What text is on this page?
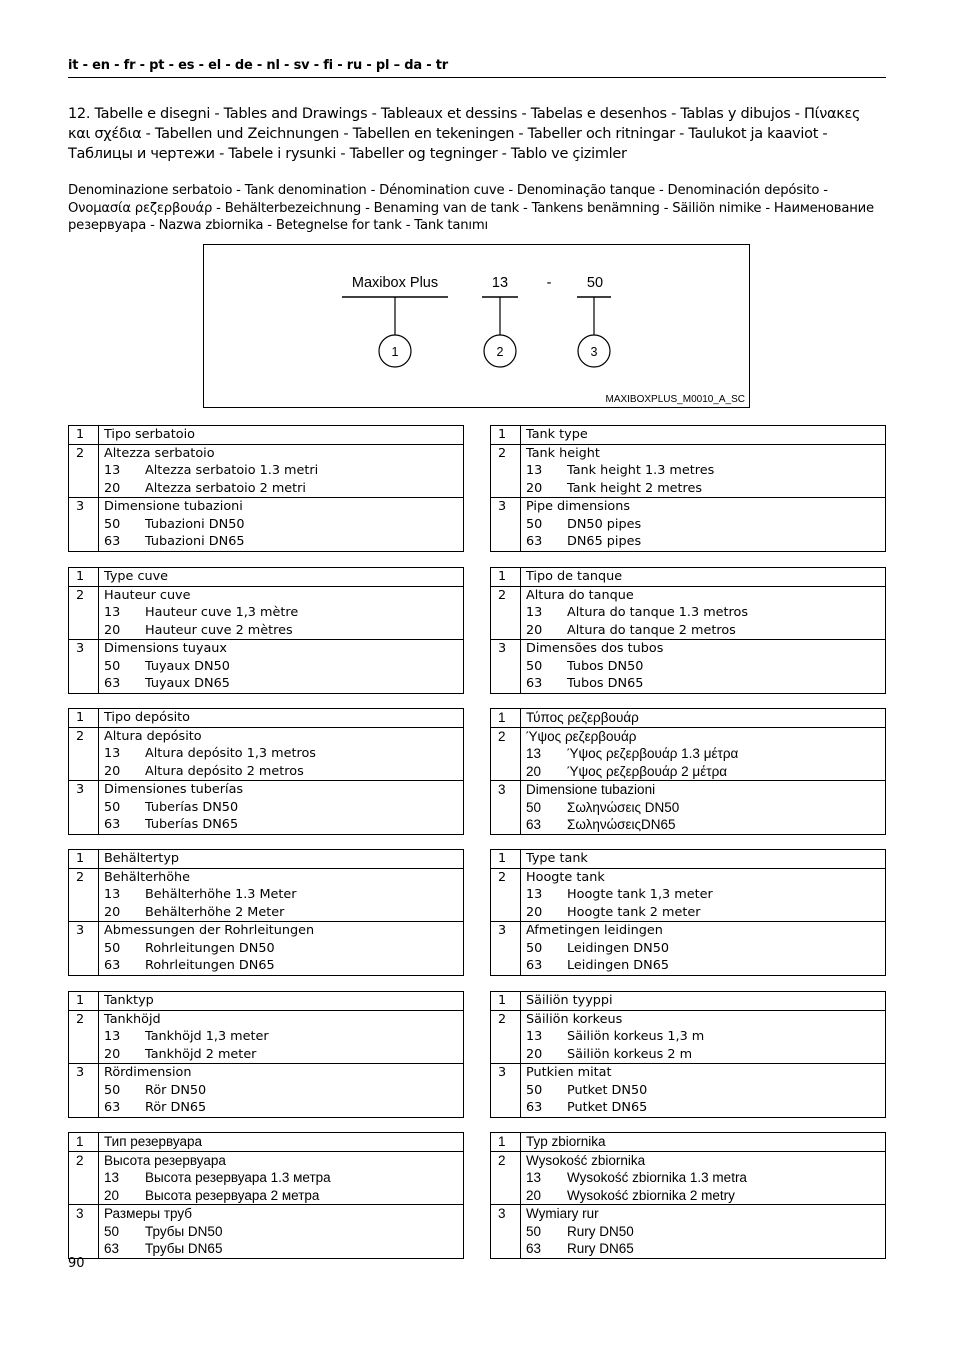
it - en - fr - pt - es - el - de - nl - sv - fi - ru - pl – da - tr
12. Tabelle e disegni - Tables and Drawings - Tableaux et dessins - Tabelas e desenhos - Tablas y dibujos - Πίνακες και σχέδια - Tabellen und Zeichnungen - Tabellen en tekeningen - Tabeller och ritningar - Taulukot ja kaaviot - Таблицы и чертежи - Tabele i rysunki - Tabeller og tegninger - Tablo ve çizimler
Denominazione serbatoio - Tank denomination - Dénomination cuve - Denominação tanque - Denominación depósito - Ονομασία ρεζερβουάρ - Behälterbezeichnung - Benaming van de tank - Tankens benämning - Säiliön nimike - Наименование резервуара - Nazwa zbiornika - Betegnelse for tank - Tank tanımı
Maxibox Plus	13	- 50
1	2	3
MAXIBOXPLUS_M0010_A_SC
1	Tipo serbatoio

2	Altezza serbatoio
13 Altezza serbatoio 1.3 metri
20 Altezza serbatoio 2 metri

3	Dimensione tubazioni
50 Tubazioni DN50
63 Tubazioni DN65
1	Tank type

2	Tank height
13 Tank height 1.3 metres
20 Tank height 2 metres

3	Pipe dimensions
50 DN50 pipes
63 DN65 pipes
1	Type cuve

2	Hauteur cuve
13 Hauteur cuve 1,3 mètre
20 Hauteur cuve 2 mètres

3	Dimensions tuyaux
50 Tuyaux DN50
63 Tuyaux DN65
1	Tipo de tanque

2	Altura do tanque
13 Altura do tanque 1.3 metros
20 Altura do tanque 2 metros

3	Dimensões dos tubos
50 Tubos DN50
63 Tubos DN65
1	Tipo depósito

2	Altura depósito
13 Altura depósito 1,3 metros
20 Altura depósito 2 metros

3	Dimensiones tuberías
50 Tuberías DN50
63 Tuberías DN65
1	Τύπος ρεζερβουάρ

2	Ύψος ρεζερβουάρ
13 Ύψος ρεζερβουάρ 1.3 μέτρα
20 Ύψος ρεζερβουάρ 2 μέτρα

3	Dimensione tubazioni
50 Σωληνώσεις DN50
63 ΣωληνώσειςDN65
1	Behältertyp

2	Behälterhöhe
13 Behälterhöhe 1.3 Meter
20 Behälterhöhe 2 Meter

3	Abmessungen der Rohrleitungen
50 Rohrleitungen DN50
63 Rohrleitungen DN65
1	Type tank

2	Hoogte tank
13 Hoogte tank 1,3 meter
20 Hoogte tank 2 meter

3	Afmetingen leidingen
50 Leidingen DN50
63 Leidingen DN65
1	Tanktyp

2	Tankhöjd
13 Tankhöjd 1,3 meter
20 Tankhöjd 2 meter

3	Rördimension
50 Rör DN50
63 Rör DN65
1	Säiliön tyyppi

2	Säiliön korkeus
13 Säiliön korkeus 1,3 m
20 Säiliön korkeus 2 m

3	Putkien mitat
50 Putket DN50
63 Putket DN65
1	Тип резервуара

2	Высота резервуара
13 Высота резервуара 1.3 метра
20 Высота резервуара 2 метра

3	Размеры труб
50 Трубы DN50
63 Трубы DN65
1	Typ zbiornika

2	Wysokość zbiornika
13 Wysokość zbiornika 1.3 metra
20 Wysokość zbiornika 2 metry

3	Wymiary rur
50 Rury DN50
63 Rury DN65
90
